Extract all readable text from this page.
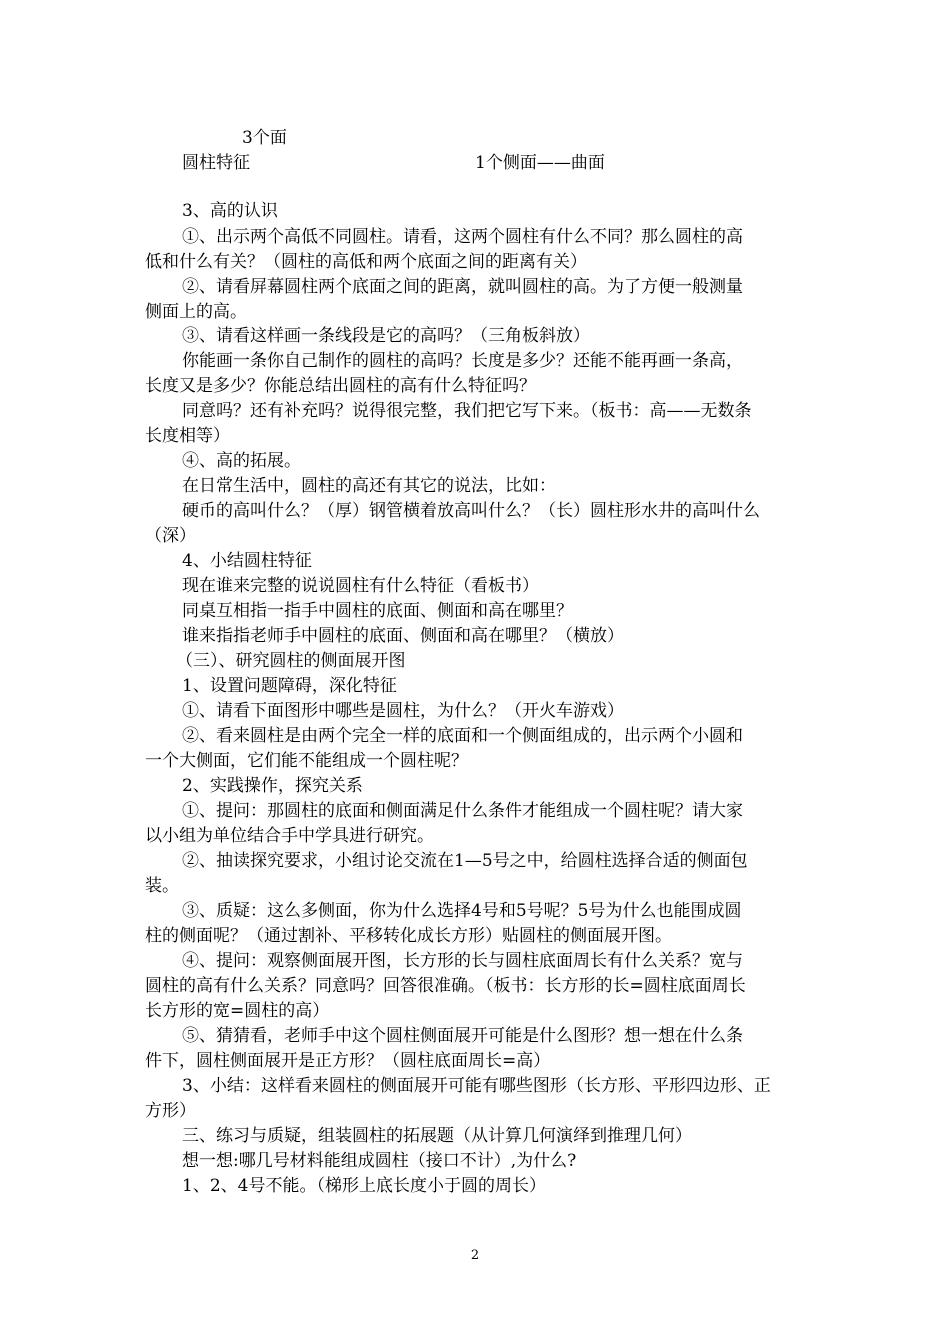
3个面
圆柱特征	1个侧面——曲面
3、高的认识
①、出示两个高低不同圆柱。请看，这两个圆柱有什么不同？那么圆柱的高
低和什么有关？（圆柱的高低和两个底面之间的距离有关）
②、请看屏幕圆柱两个底面之间的距离，就叫圆柱的高。为了方便一般测量
侧面上的高。
③、请看这样画一条线段是它的高吗？（三角板斜放）
你能画一条你自己制作的圆柱的高吗？长度是多少？还能不能再画一条高，
长度又是多少？你能总结出圆柱的高有什么特征吗？
同意吗？还有补充吗？说得很完整，我们把它写下来。（板书：高——无数条
长度相等）
④、高的拓展。
在日常生活中，圆柱的高还有其它的说法，比如：
硬币的高叫什么？（厚）钢管横着放高叫什么？（长）圆柱形水井的高叫什么
（深）
4、小结圆柱特征
现在谁来完整的说说圆柱有什么特征（看板书）
同桌互相指一指手中圆柱的底面、侧面和高在哪里？
谁来指指老师手中圆柱的底面、侧面和高在哪里？（横放）
（三）、研究圆柱的侧面展开图
1、设置问题障碍，深化特征
①、请看下面图形中哪些是圆柱，为什么？（开火车游戏）
②、看来圆柱是由两个完全一样的底面和一个侧面组成的，出示两个小圆和
一个大侧面，它们能不能组成一个圆柱呢？
2、实践操作，探究关系
①、提问：那圆柱的底面和侧面满足什么条件才能组成一个圆柱呢？请大家
以小组为单位结合手中学具进行研究。
②、抽读探究要求，小组讨论交流在1—5号之中，给圆柱选择合适的侧面包
装。
③、质疑：这么多侧面，你为什么选择4号和5号呢？5号为什么也能围成圆
柱的侧面呢？（通过割补、平移转化成长方形）贴圆柱的侧面展开图。
④、提问：观察侧面展开图，长方形的长与圆柱底面周长有什么关系？宽与
圆柱的高有什么关系？同意吗？回答很准确。（板书：长方形的长=圆柱底面周长
长方形的宽=圆柱的高）
⑤、猜猜看，老师手中这个圆柱侧面展开可能是什么图形？想一想在什么条
件下，圆柱侧面展开是正方形？（圆柱底面周长=高）
3、小结：这样看来圆柱的侧面展开可能有哪些图形（长方形、平形四边形、正
方形）
三、练习与质疑，组装圆柱的拓展题（从计算几何演绎到推理几何）
想一想:哪几号材料能组成圆柱（接口不计）,为什么?
1、2、4号不能。（梯形上底长度小于圆的周长）
2
